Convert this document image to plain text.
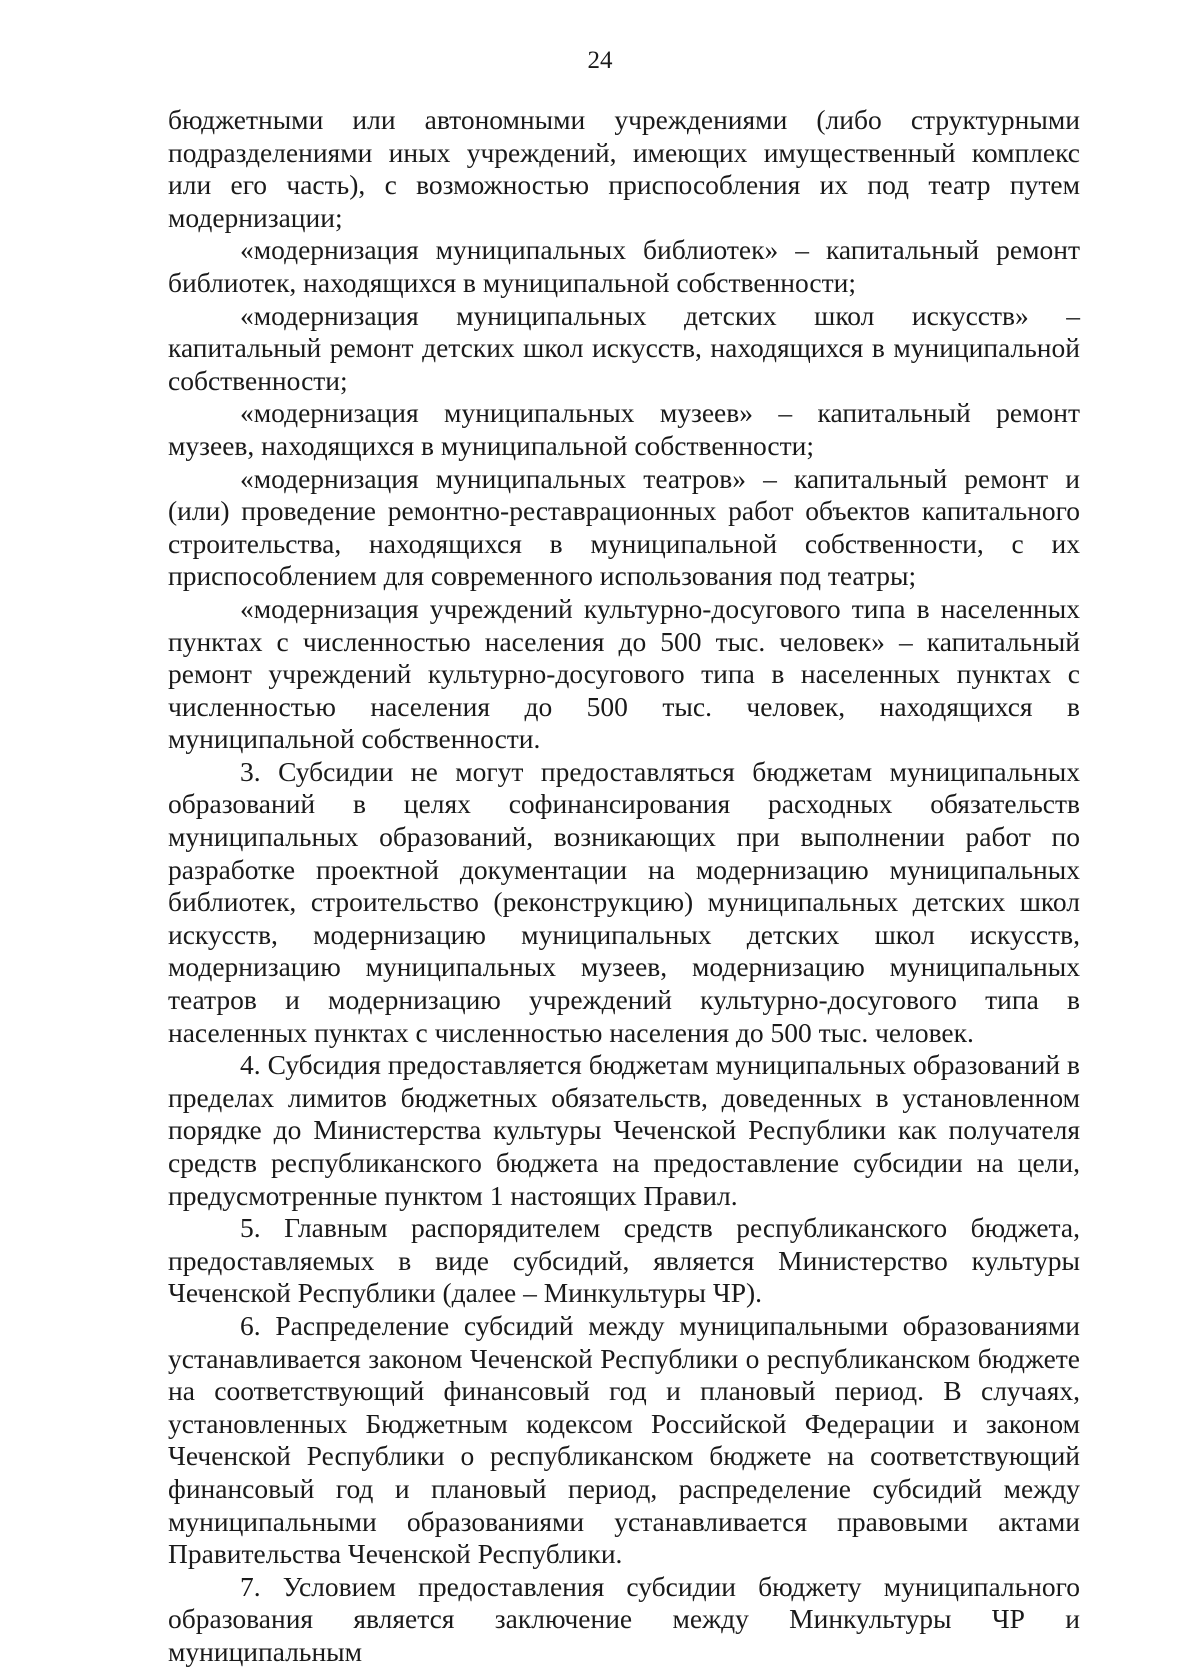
24

бюджетными или автономными учреждениями (либо структурными подразделениями иных учреждений, имеющих имущественный комплекс или его часть), с возможностью приспособления их под театр путем модернизации;

«модернизация муниципальных библиотек» – капитальный ремонт библиотек, находящихся в муниципальной собственности;

«модернизация муниципальных детских школ искусств» – капитальный ремонт детских школ искусств, находящихся в муниципальной собственности;

«модернизация муниципальных музеев» – капитальный ремонт музеев, находящихся в муниципальной собственности;

«модернизация муниципальных театров» – капитальный ремонт и (или) проведение ремонтно-реставрационных работ объектов капитального строительства, находящихся в муниципальной собственности, с их приспособлением для современного использования под театры;

«модернизация учреждений культурно-досугового типа в населенных пунктах с численностью населения до 500 тыс. человек» – капитальный ремонт учреждений культурно-досугового типа в населенных пунктах с численностью населения до 500 тыс. человек, находящихся в муниципальной собственности.

3. Субсидии не могут предоставляться бюджетам муниципальных образований в целях софинансирования расходных обязательств муниципальных образований, возникающих при выполнении работ по разработке проектной документации на модернизацию муниципальных библиотек, строительство (реконструкцию) муниципальных детских школ искусств, модернизацию муниципальных детских школ искусств, модернизацию муниципальных музеев, модернизацию муниципальных театров и модернизацию учреждений культурно-досугового типа в населенных пунктах с численностью населения до 500 тыс. человек.

4. Субсидия предоставляется бюджетам муниципальных образований в пределах лимитов бюджетных обязательств, доведенных в установленном порядке до Министерства культуры Чеченской Республики как получателя средств республиканского бюджета на предоставление субсидии на цели, предусмотренные пунктом 1 настоящих Правил.

5. Главным распорядителем средств республиканского бюджета, предоставляемых в виде субсидий, является Министерство культуры Чеченской Республики (далее – Минкультуры ЧР).

6. Распределение субсидий между муниципальными образованиями устанавливается законом Чеченской Республики о республиканском бюджете на соответствующий финансовый год и плановый период. В случаях, установленных Бюджетным кодексом Российской Федерации и законом Чеченской Республики о республиканском бюджете на соответствующий финансовый год и плановый период, распределение субсидий между муниципальными образованиями устанавливается правовыми актами Правительства Чеченской Республики.

7. Условием предоставления субсидии бюджету муниципального образования является заключение между Минкультуры ЧР и муниципальным
